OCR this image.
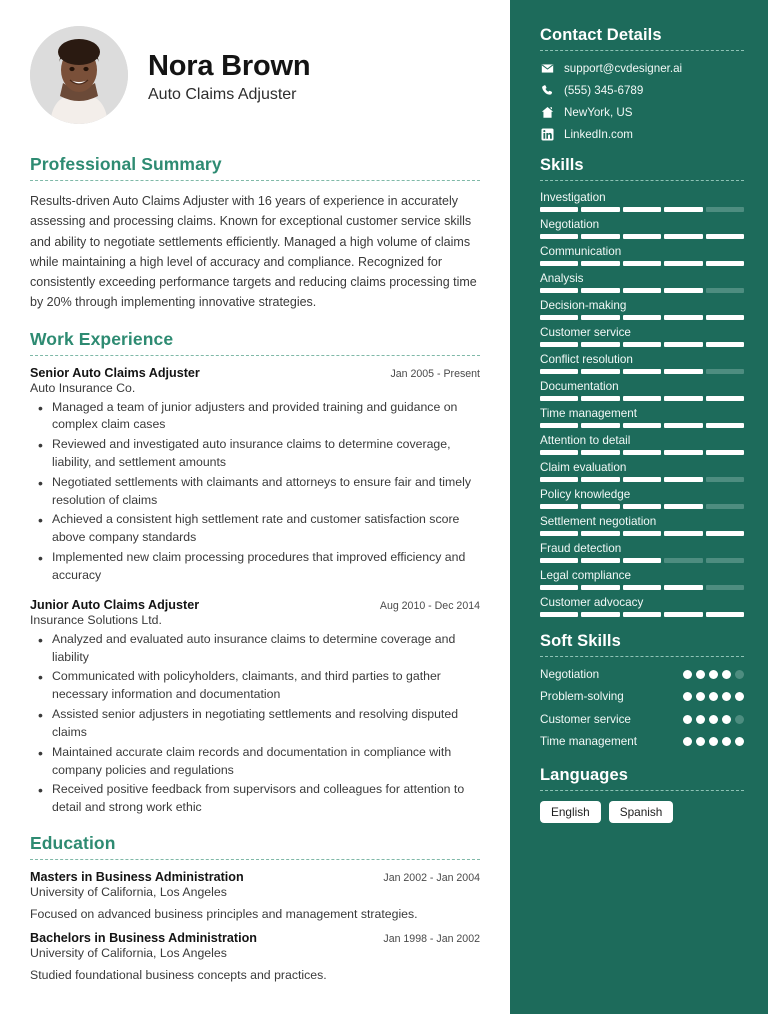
Nora Brown
Auto Claims Adjuster
Professional Summary
Results-driven Auto Claims Adjuster with 16 years of experience in accurately assessing and processing claims. Known for exceptional customer service skills and ability to negotiate settlements efficiently. Managed a high volume of claims while maintaining a high level of accuracy and compliance. Recognized for consistently exceeding performance targets and reducing claims processing time by 20% through implementing innovative strategies.
Work Experience
Senior Auto Claims Adjuster	Jan 2005 - Present
Auto Insurance Co.
• Managed a team of junior adjusters and provided training and guidance on complex claim cases
• Reviewed and investigated auto insurance claims to determine coverage, liability, and settlement amounts
• Negotiated settlements with claimants and attorneys to ensure fair and timely resolution of claims
• Achieved a consistent high settlement rate and customer satisfaction score above company standards
• Implemented new claim processing procedures that improved efficiency and accuracy
Junior Auto Claims Adjuster	Aug 2010 - Dec 2014
Insurance Solutions Ltd.
• Analyzed and evaluated auto insurance claims to determine coverage and liability
• Communicated with policyholders, claimants, and third parties to gather necessary information and documentation
• Assisted senior adjusters in negotiating settlements and resolving disputed claims
• Maintained accurate claim records and documentation in compliance with company policies and regulations
• Received positive feedback from supervisors and colleagues for attention to detail and strong work ethic
Education
Masters in Business Administration	Jan 2002 - Jan 2004
University of California, Los Angeles
Focused on advanced business principles and management strategies.
Bachelors in Business Administration	Jan 1998 - Jan 2002
University of California, Los Angeles
Studied foundational business concepts and practices.
Contact Details
support@cvdesigner.ai
(555) 345-6789
NewYork, US
LinkedIn.com
Skills
Investigation
Negotiation
Communication
Analysis
Decision-making
Customer service
Conflict resolution
Documentation
Time management
Attention to detail
Claim evaluation
Policy knowledge
Settlement negotiation
Fraud detection
Legal compliance
Customer advocacy
Soft Skills
Negotiation
Problem-solving
Customer service
Time management
Languages
English	Spanish
